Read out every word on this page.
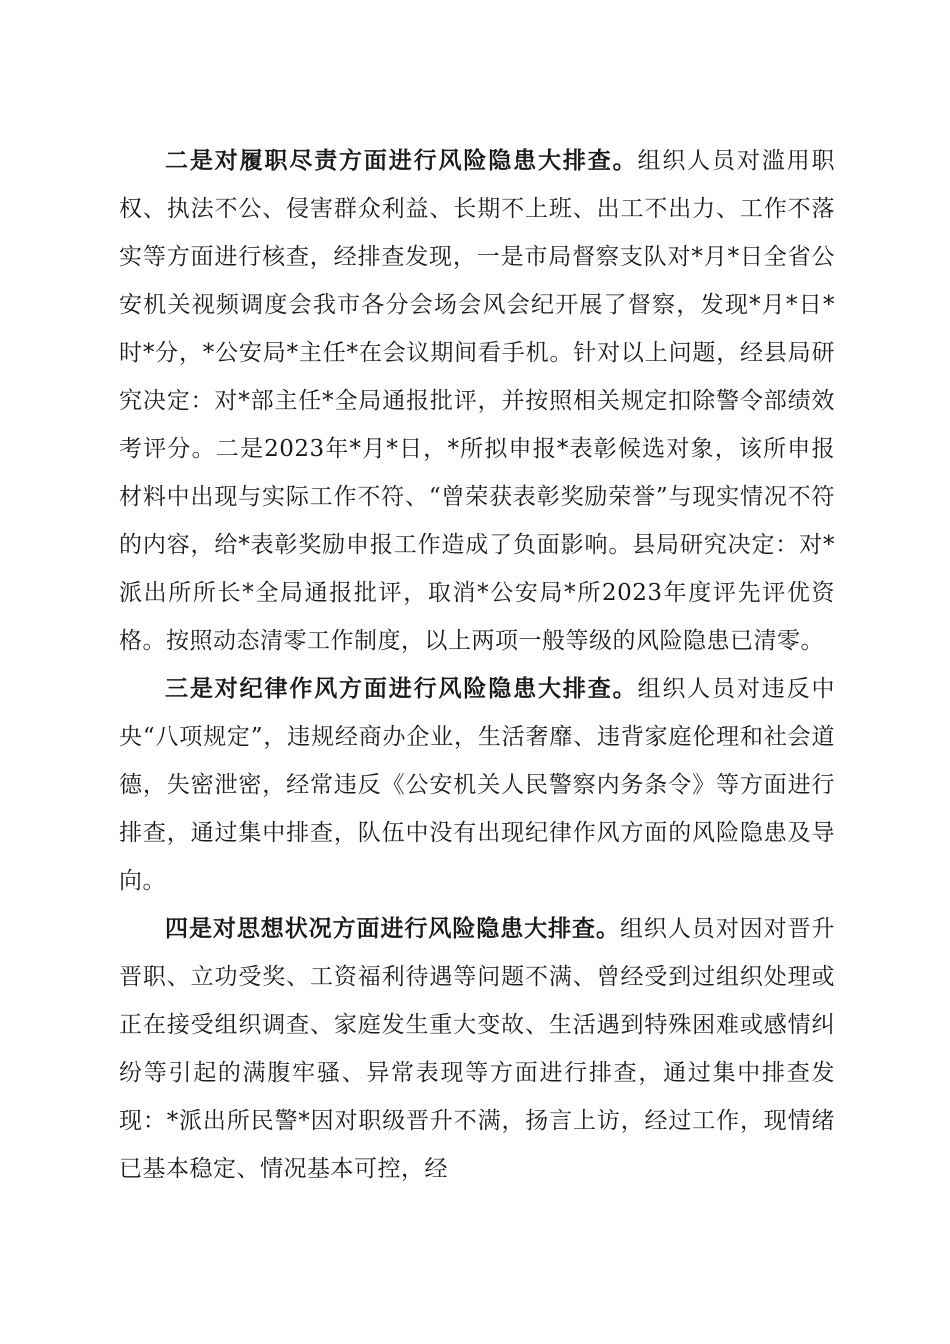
二是对履职尽责方面进行风险隐患大排查。组织人员对滥用职权、执法不公、侵害群众利益、长期不上班、出工不出力、工作不落实等方面进行核查，经排查发现，一是市局督察支队对*月*日全省公安机关视频调度会我市各分会场会风会纪开展了督察，发现*月*日*时*分，*公安局*主任*在会议期间看手机。针对以上问题，经县局研究决定：对*部主任*全局通报批评，并按照相关规定扣除警令部绩效考评分。二是2023年*月*日，*所拟申报*表彰候选对象，该所申报材料中出现与实际工作不符、“曾荣获表彰奖励荣誉”与现实情况不符的内容，给*表彰奖励申报工作造成了负面影响。县局研究决定：对*派出所所长*全局通报批评，取消*公安局*所2023年度评先评优资格。按照动态清零工作制度，以上两项一般等级的风险隐患已清零。

三是对纪律作风方面进行风险隐患大排查。组织人员对违反中央“八项规定”，违规经商办企业，生活奢靡、违背家庭伦理和社会道德，失密泄密，经常违反《公安机关人民警察内务条令》等方面进行排查，通过集中排查，队伍中没有出现纪律作风方面的风险隐患及导向。

四是对思想状况方面进行风险隐患大排查。组织人员对因对晋升晋职、立功受奖、工资福利待遇等问题不满、曾经受到过组织处理或正在接受组织调查、家庭发生重大变故、生活遇到特殊困难或感情纠纷等引起的满腹牢骚、异常表现等方面进行排查，通过集中排查发现：*派出所民警*因对职级晋升不满，扬言上访，经过工作，现情绪已基本稳定、情况基本可控，经
